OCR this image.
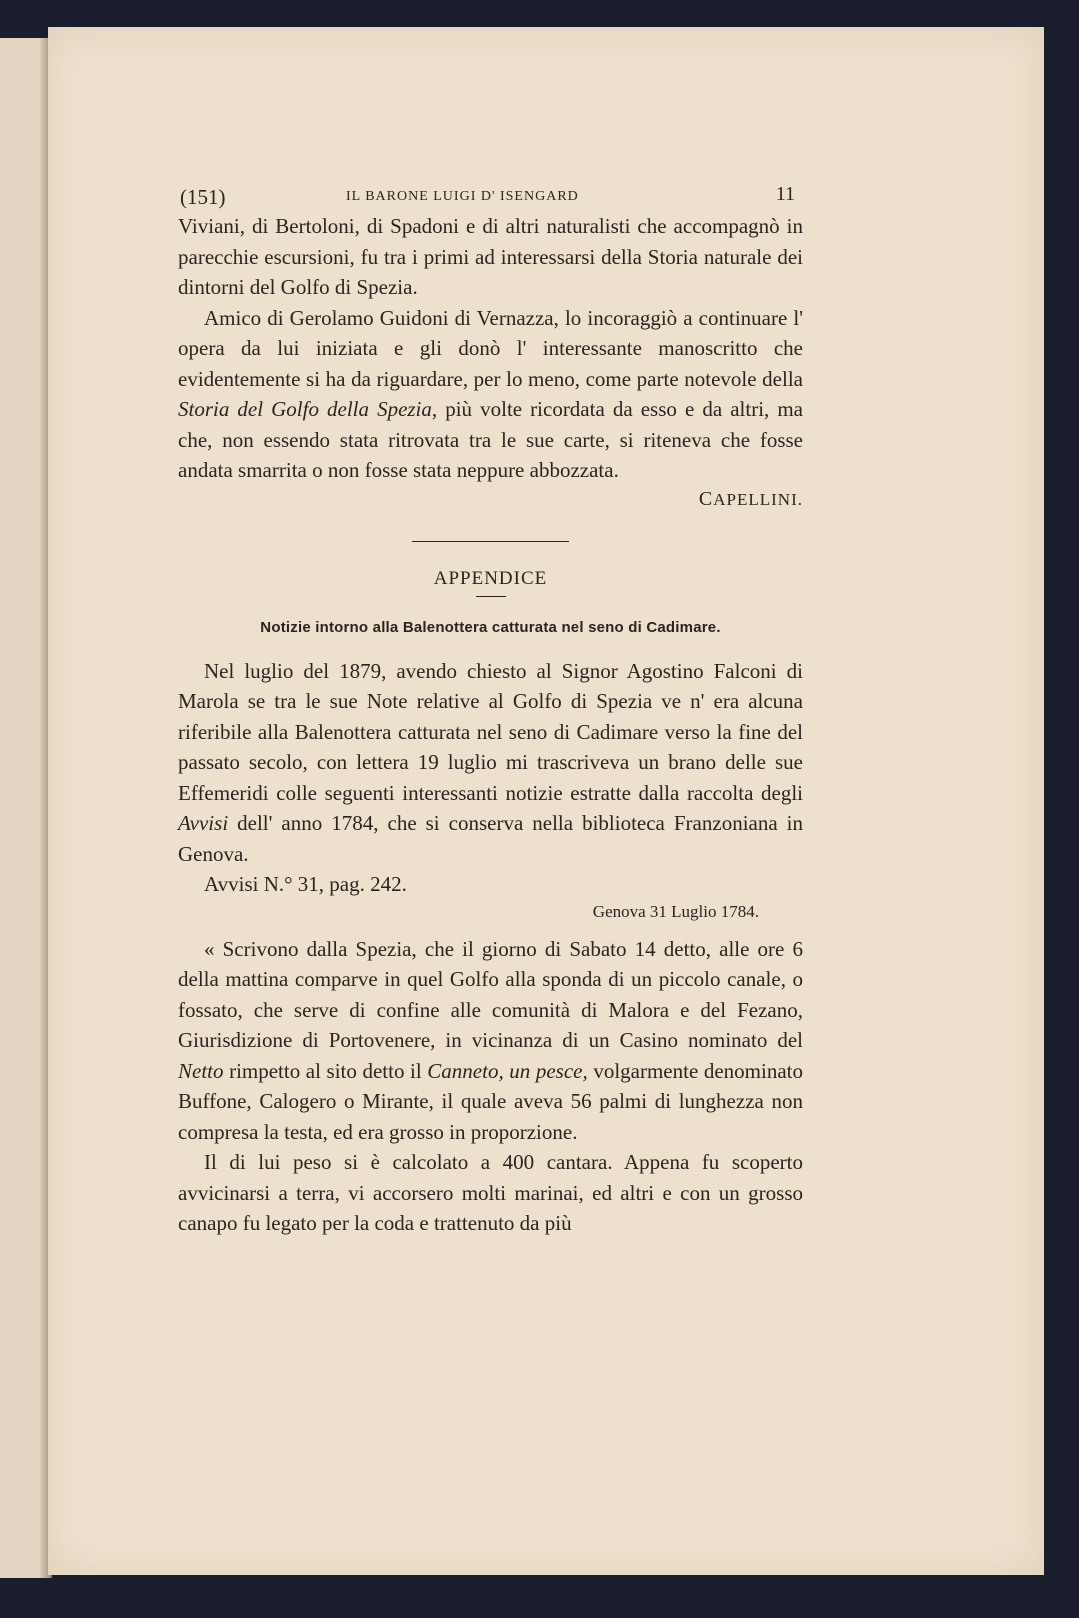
(151)	IL BARONE LUIGI D' ISENGARD	11

Viviani, di Bertoloni, di Spadoni e di altri naturalisti che accompagnò in parecchie escursioni, fu tra i primi ad interessarsi della Storia naturale dei dintorni del Golfo di Spezia.

Amico di Gerolamo Guidoni di Vernazza, lo incoraggiò a continuare l' opera da lui iniziata e gli donò l' interessante manoscritto che evidentemente si ha da riguardare, per lo meno, come parte notevole della Storia del Golfo della Spezia, più volte ricordata da esso e da altri, ma che, non essendo stata ritrovata tra le sue carte, si riteneva che fosse andata smarrita o non fosse stata neppure abbozzata.

CAPELLINI.
APPENDICE
Notizie intorno alla Balenottera catturata nel seno di Cadimare.

Nel luglio del 1879, avendo chiesto al Signor Agostino Falconi di Marola se tra le sue Note relative al Golfo di Spezia ve n' era alcuna riferibile alla Balenottera catturata nel seno di Cadimare verso la fine del passato secolo, con lettera 19 luglio mi trascriveva un brano delle sue Effemeridi colle seguenti interessanti notizie estratte dalla raccolta degli Avvisi dell' anno 1784, che si conserva nella biblioteca Franzoniana in Genova.

Avvisi N.° 31, pag. 242.

Genova 31 Luglio 1784.

« Scrivono dalla Spezia, che il giorno di Sabato 14 detto, alle ore 6 della mattina comparve in quel Golfo alla sponda di un piccolo canale, o fossato, che serve di confine alle comunità di Malora e del Fezano, Giurisdizione di Portovenere, in vicinanza di un Casino nominato del Netto rimpetto al sito detto il Canneto, un pesce, volgarmente denominato Buffone, Calogero o Mirante, il quale aveva 56 palmi di lunghezza non compresa la testa, ed era grosso in proporzione.

Il di lui peso si è calcolato a 400 cantara. Appena fu scoperto avvicinarsi a terra, vi accorsero molti marinai, ed altri e con un grosso canapo fu legato per la coda e trattenuto da più
